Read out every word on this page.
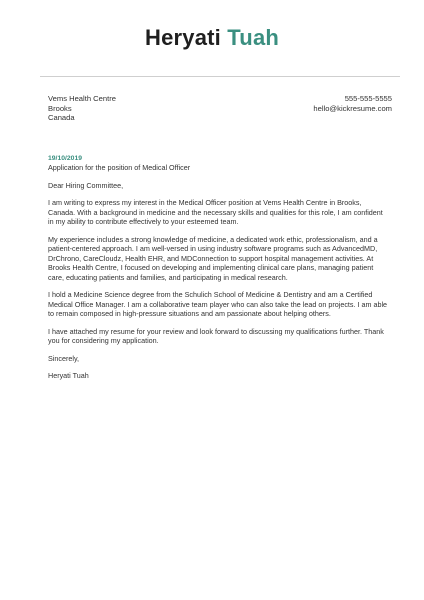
Heryati Tuah
Vems Health Centre
Brooks
Canada
555-555-5555
hello@kickresume.com

19/10/2019

Application for the position of Medical Officer

Dear Hiring Committee,

I am writing to express my interest in the Medical Officer position at Vems Health Centre in Brooks, Canada. With a background in medicine and the necessary skills and qualities for this role, I am confident in my ability to contribute effectively to your esteemed team.

My experience includes a strong knowledge of medicine, a dedicated work ethic, professionalism, and a patient-centered approach. I am well-versed in using industry software programs such as AdvancedMD, DrChrono, CareCloudz, Health EHR, and MDConnection to support hospital management activities. At Brooks Health Centre, I focused on developing and implementing clinical care plans, managing patient care, educating patients and families, and participating in medical research.

I hold a Medicine Science degree from the Schulich School of Medicine & Dentistry and am a Certified Medical Office Manager. I am a collaborative team player who can also take the lead on projects. I am able to remain composed in high-pressure situations and am passionate about helping others.

I have attached my resume for your review and look forward to discussing my qualifications further. Thank you for considering my application.

Sincerely,

Heryati Tuah
